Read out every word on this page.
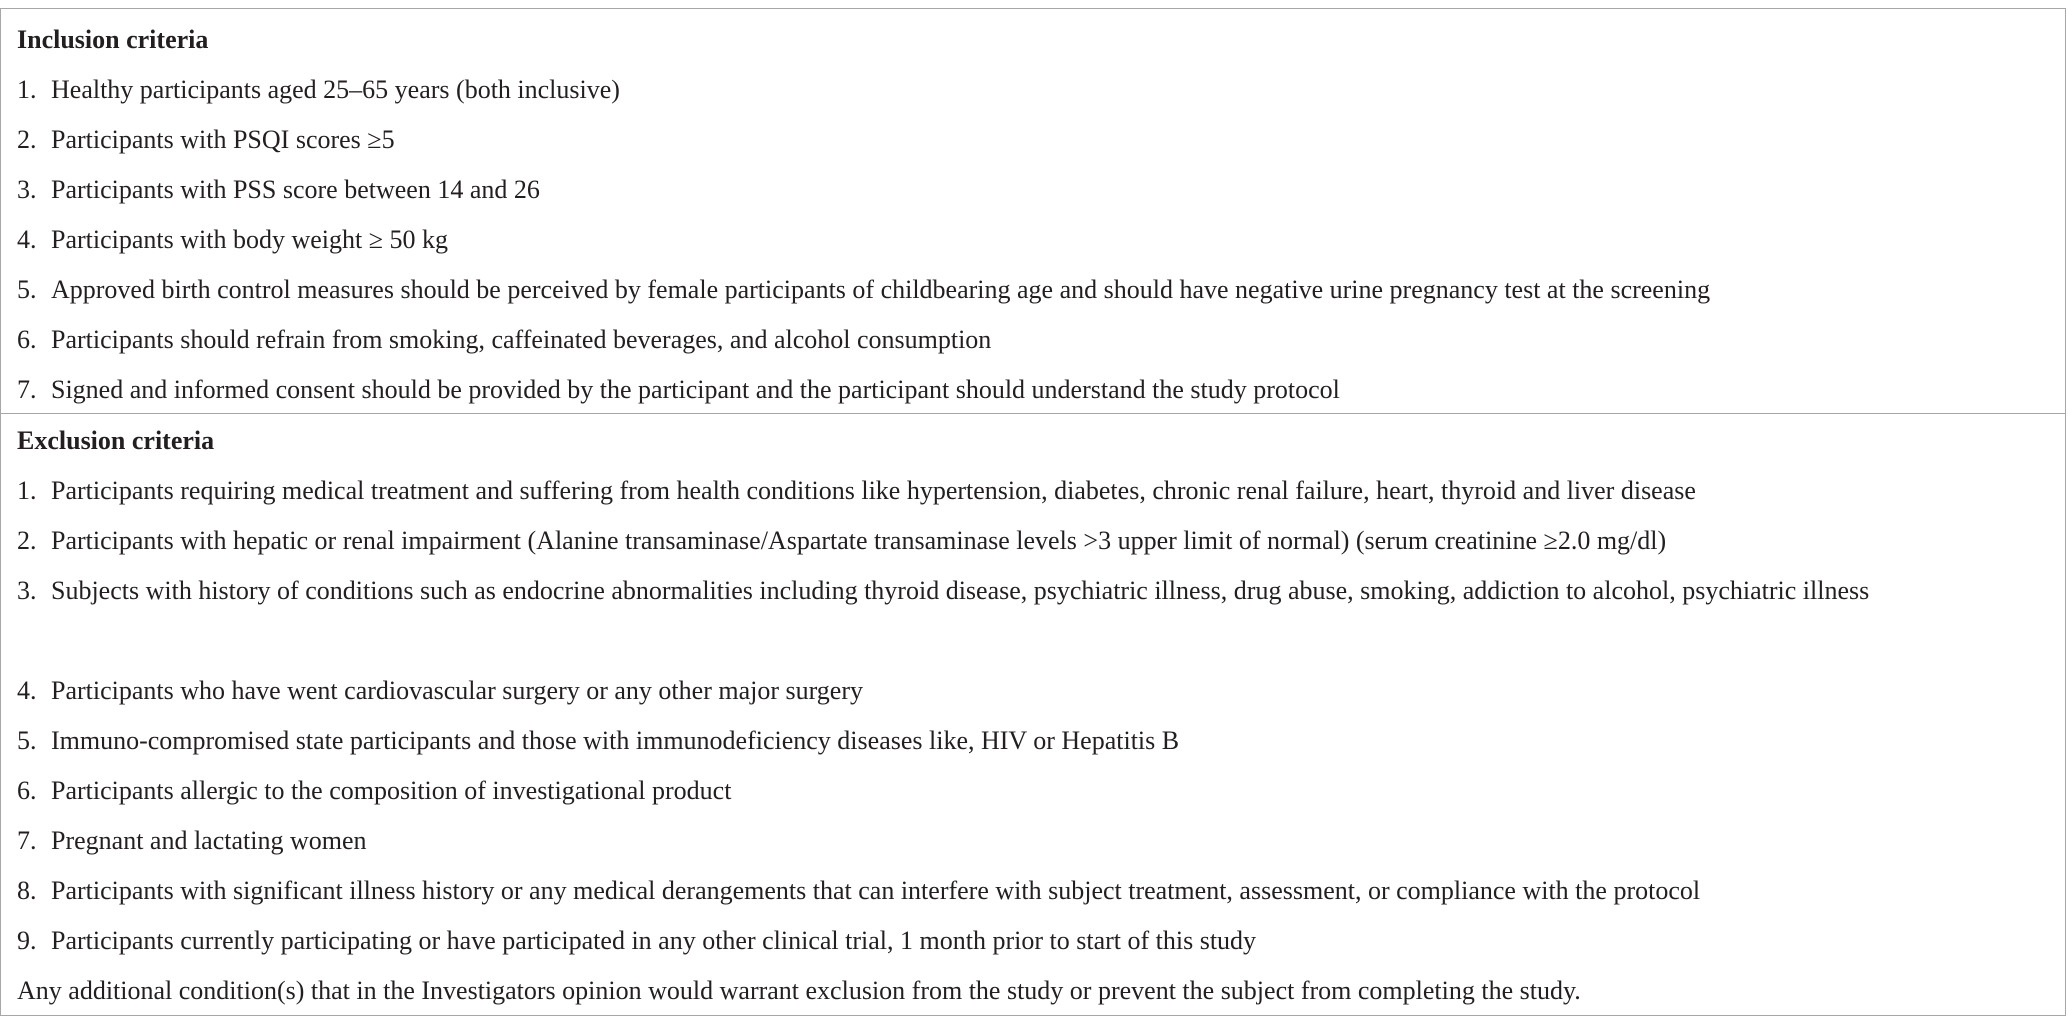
Inclusion criteria
1. Healthy participants aged 25–65 years (both inclusive)
2. Participants with PSQI scores ≥5
3. Participants with PSS score between 14 and 26
4. Participants with body weight ≥ 50 kg
5. Approved birth control measures should be perceived by female participants of childbearing age and should have negative urine pregnancy test at the screening
6. Participants should refrain from smoking, caffeinated beverages, and alcohol consumption
7. Signed and informed consent should be provided by the participant and the participant should understand the study protocol
Exclusion criteria
1. Participants requiring medical treatment and suffering from health conditions like hypertension, diabetes, chronic renal failure, heart, thyroid and liver disease
2. Participants with hepatic or renal impairment (Alanine transaminase/Aspartate transaminase levels >3 upper limit of normal) (serum creatinine ≥2.0 mg/dl)
3. Subjects with history of conditions such as endocrine abnormalities including thyroid disease, psychiatric illness, drug abuse, smoking, addiction to alcohol, psychiatric illness
4. Participants who have went cardiovascular surgery or any other major surgery
5. Immuno-compromised state participants and those with immunodeficiency diseases like, HIV or Hepatitis B
6. Participants allergic to the composition of investigational product
7. Pregnant and lactating women
8. Participants with significant illness history or any medical derangements that can interfere with subject treatment, assessment, or compliance with the protocol
9. Participants currently participating or have participated in any other clinical trial, 1 month prior to start of this study
Any additional condition(s) that in the Investigators opinion would warrant exclusion from the study or prevent the subject from completing the study.
